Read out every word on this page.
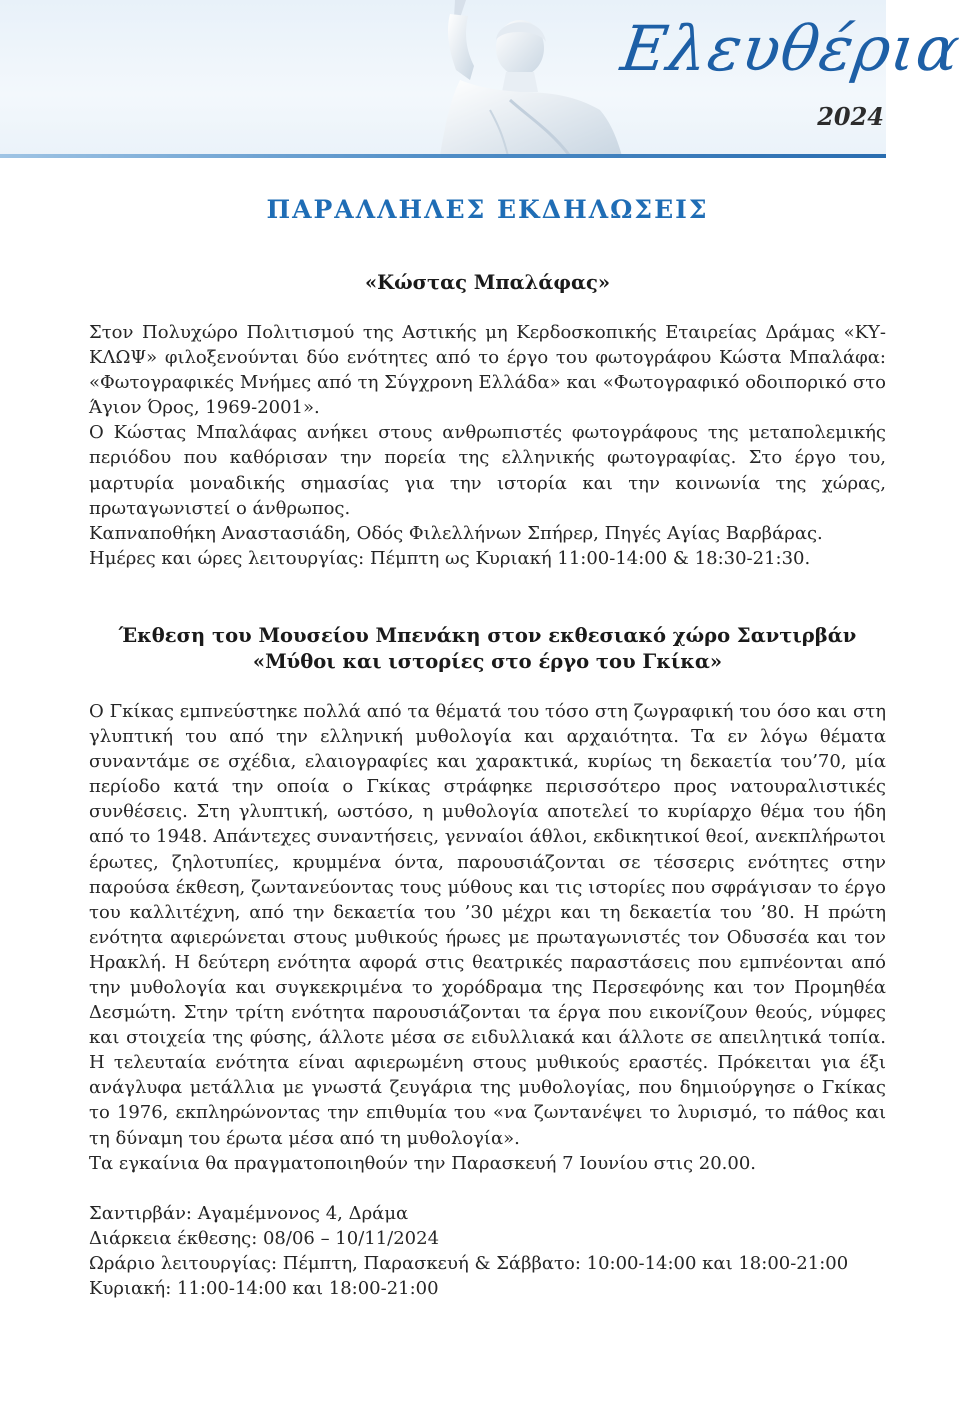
Ελευθέρια
2024
ΠΑΡΑΛΛΗΛΕΣ ΕΚΔΗΛΩΣΕΙΣ
«Κώστας Μπαλάφας»

Στον Πολυχώρο Πολιτισμού της Αστικής μη Κερδοσκοπικής Εταιρείας Δράμας «ΚΥ-ΚΛΩΨ» φιλοξενούνται δύο ενότητες από το έργο του φωτογράφου Κώστα Μπαλάφα: «Φωτογραφικές Μνήμες από τη Σύγχρονη Ελλάδα» και «Φωτογραφικό οδοιπορικό στο Άγιον Όρος, 1969-2001».

Ο Κώστας Μπαλάφας ανήκει στους ανθρωπιστές φωτογράφους της μεταπολεμικής περιόδου που καθόρισαν την πορεία της ελληνικής φωτογραφίας. Στο έργο του, μαρτυρία μοναδικής σημασίας για την ιστορία και την κοινωνία της χώρας, πρωταγωνιστεί ο άνθρωπος.

Καπναποθήκη Αναστασιάδη, Οδός Φιλελλήνων Σπήρερ, Πηγές Αγίας Βαρβάρας.

Ημέρες και ώρες λειτουργίας: Πέμπτη ως Κυριακή 11:00-14:00 & 18:30-21:30.

Έκθεση του Μουσείου Μπενάκη στον εκθεσιακό χώρο Σαντιρβάν
«Μύθοι και ιστορίες στο έργο του Γκίκα»

Ο Γκίκας εμπνεύστηκε πολλά από τα θέματά του τόσο στη ζωγραφική του όσο και στη γλυπτική του από την ελληνική μυθολογία και αρχαιότητα. Τα εν λόγω θέματα συναντάμε σε σχέδια, ελαιογραφίες και χαρακτικά, κυρίως τη δεκαετία του’70, μία περίοδο κατά την οποία ο Γκίκας στράφηκε περισσότερο προς νατουραλιστικές συνθέσεις. Στη γλυπτική, ωστόσο, η μυθολογία αποτελεί το κυρίαρχο θέμα του ήδη από το 1948. Απάντεχες συναντήσεις, γενναίοι άθλοι, εκδικητικοί θεοί, ανεκπλήρωτοι έρωτες, ζηλοτυπίες, κρυμμένα όντα, παρουσιάζονται σε τέσσερις ενότητες στην παρούσα έκθεση, ζωντανεύοντας τους μύθους και τις ιστορίες που σφράγισαν το έργο του καλλιτέχνη, από την δεκαετία του ’30 μέχρι και τη δεκαετία του ’80. Η πρώτη ενότητα αφιερώνεται στους μυθικούς ήρωες με πρωταγωνιστές τον Οδυσσέα και τον Ηρακλή. Η δεύτερη ενότητα αφορά στις θεατρικές παραστάσεις που εμπνέονται από την μυθολογία και συγκεκριμένα το χορόδραμα της Περσεφόνης και τον Προμηθέα Δεσμώτη. Στην τρίτη ενότητα παρουσιάζονται τα έργα που εικονίζουν θεούς, νύμφες και στοιχεία της φύσης, άλλοτε μέσα σε ειδυλλιακά και άλλοτε σε απειλητικά τοπία. Η τελευταία ενότητα είναι αφιερωμένη στους μυθικούς εραστές. Πρόκειται για έξι ανάγλυφα μετάλλια με γνωστά ζευγάρια της μυθολογίας, που δημιούργησε ο Γκίκας το 1976, εκπληρώνοντας την επιθυμία του «να ζωντανέψει το λυρισμό, το πάθος και τη δύναμη του έρωτα μέσα από τη μυθολογία».

Τα εγκαίνια θα πραγματοποιηθούν την Παρασκευή 7 Ιουνίου στις 20.00.

Σαντιρβάν: Αγαμέμνονος 4, Δράμα

Διάρκεια έκθεσης: 08/06 – 10/11/2024

Ωράριο λειτουργίας: Πέμπτη, Παρασκευή & Σάββατο: 10:00-14:00 και 18:00-21:00

Κυριακή: 11:00-14:00 και 18:00-21:00
